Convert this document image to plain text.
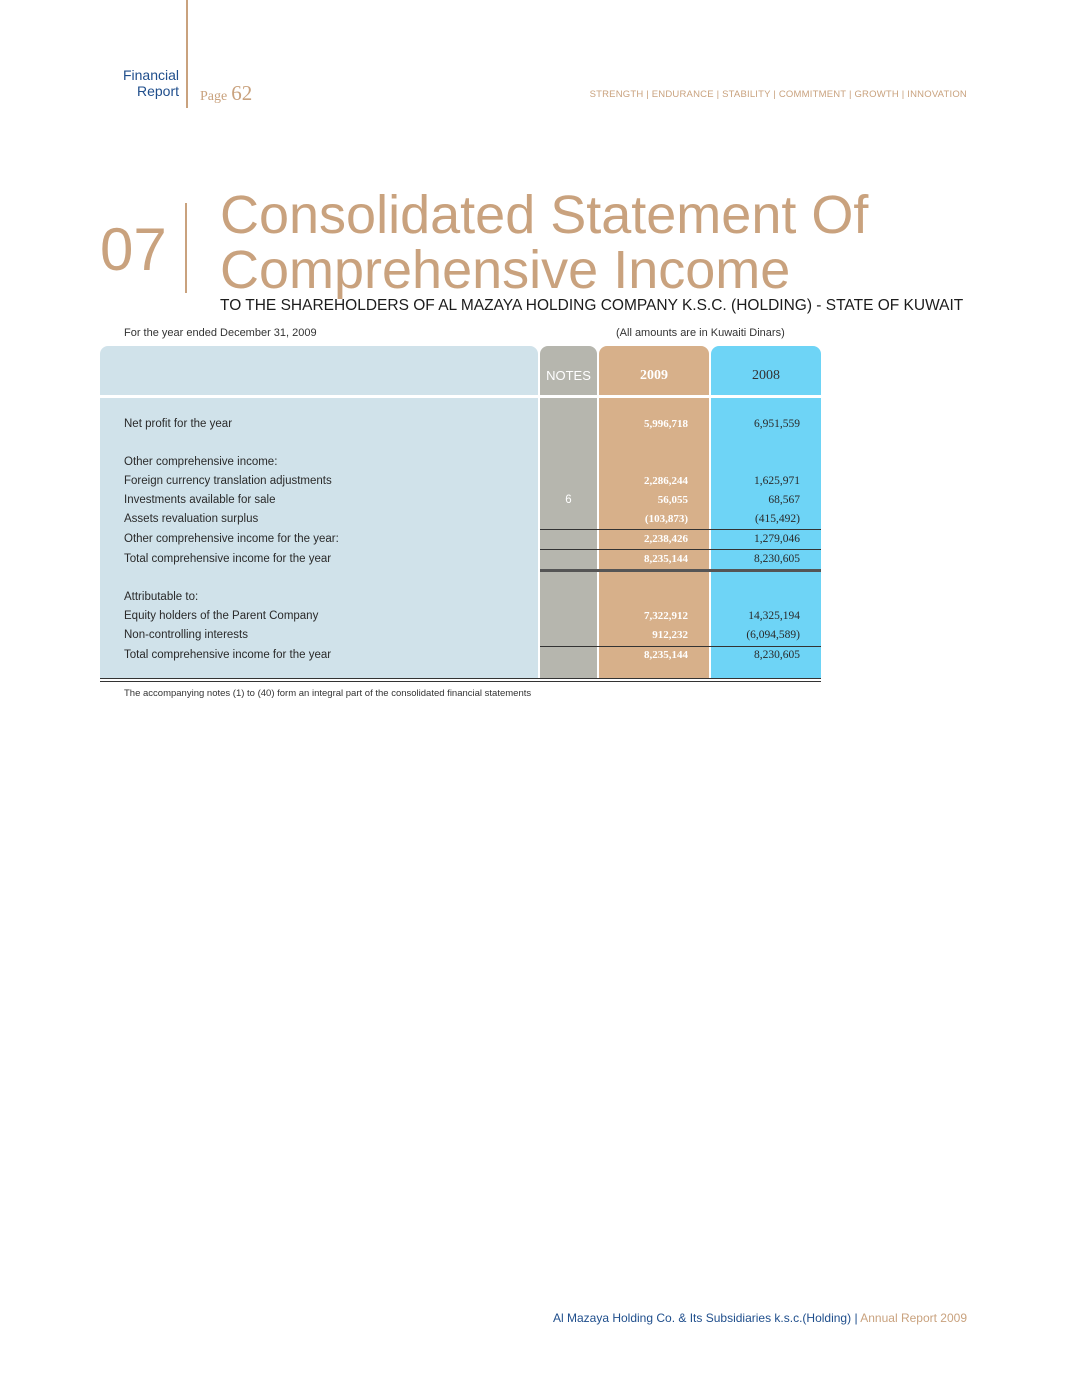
Financial
Report Page 62	STRENGTH | ENDURANCE | STABILITY | COMMITMENT | GROWTH | INNOVATION
07
Consolidated Statement Of
Comprehensive Income
TO THE SHAREHOLDERS OF AL MAZAYA HOLDING COMPANY K.S.C. (HOLDING) - STATE OF KUWAIT
For the year ended December 31, 2009	(All amounts are in Kuwaiti Dinars)
NOTES	2009	2008
Net profit for the year	5,996,718	6,951,559
Other comprehensive income:
Foreign currency translation adjustments	2,286,244	1,625,971
Investments available for sale	6	56,055	68,567
Assets revaluation surplus	(103,873)	(415,492)
Other comprehensive income for the year:	2,238,426	1,279,046
Total comprehensive income for the year	8,235,144	8,230,605
Attributable to:
Equity holders of the Parent Company	7,322,912	14,325,194
Non-controlling interests	912,232	(6,094,589)
Total comprehensive income for the year	8,235,144	8,230,605
The accompanying notes (1) to (40) form an integral part of the consolidated financial statements
Al Mazaya Holding Co. & Its Subsidiaries k.s.c.(Holding) | Annual Report 2009
